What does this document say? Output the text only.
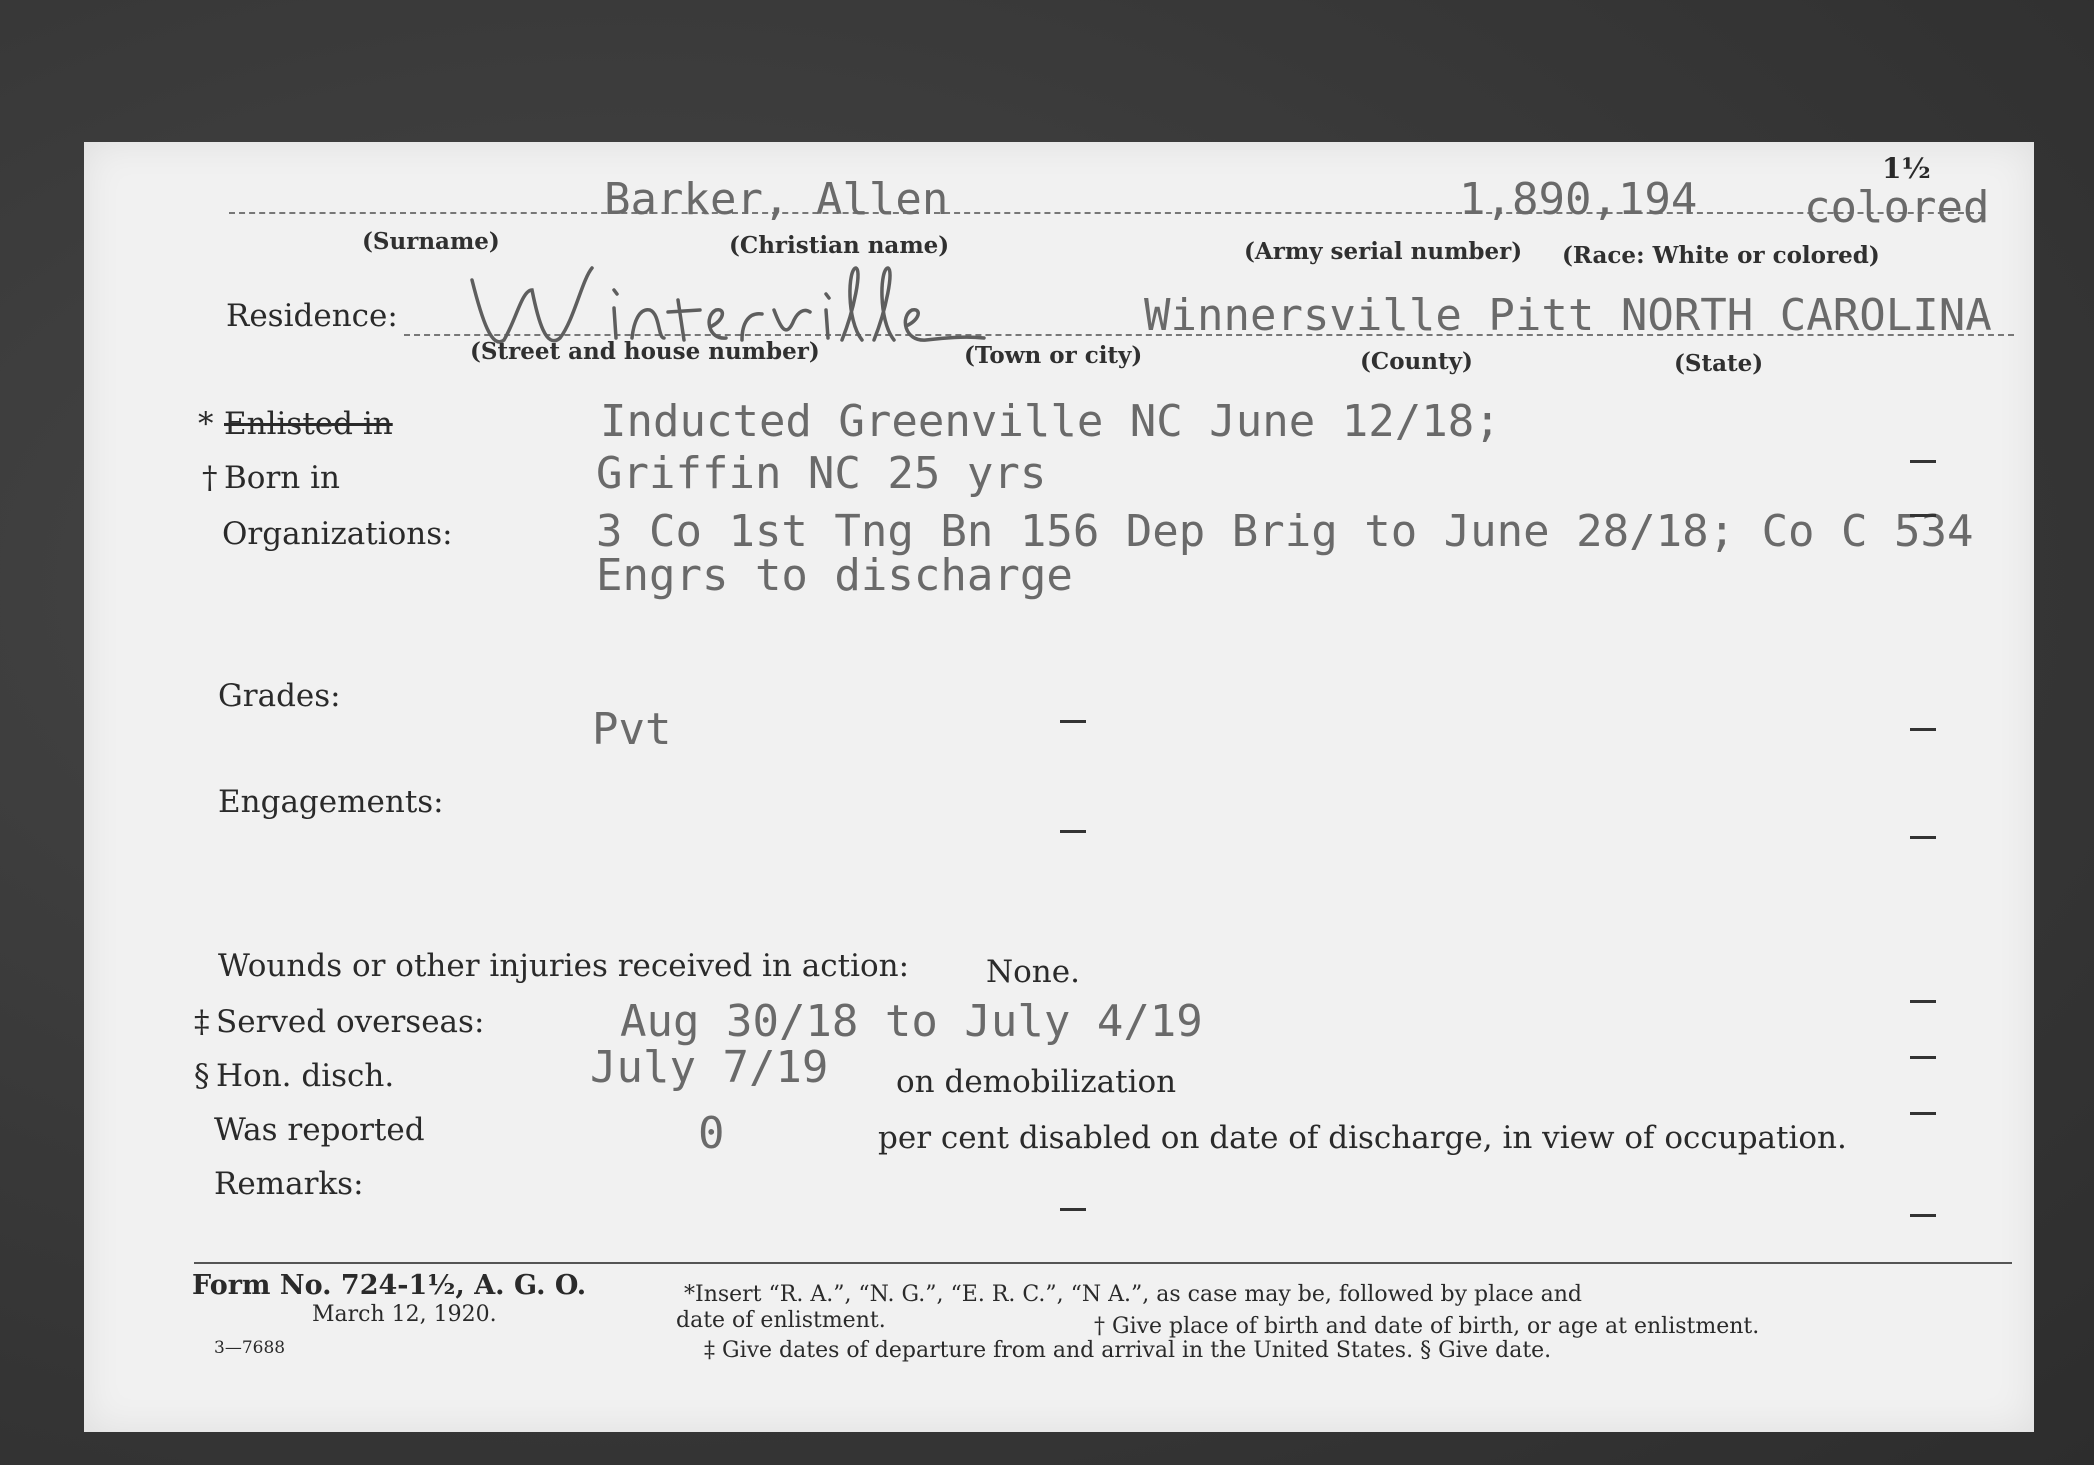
Barker, Allen	1,890,194
1½
colored
(Surname)	(Christian name)	(Army serial number) (Race: White or colored)
Residence:	Winnersville Pitt NORTH CAROLINA
(Street and house number)	(Town or city)	(County)	(State)
* Enlisted in	Inducted Greenville NC June 12/18;
† Born in	Griffin NC 25 yrs
Organizations:	3 Co 1st Tng Bn 156 Dep Brig to June 28/18; Co C 534
Engrs to discharge
Grades:
Pvt
Engagements:
Wounds or other injuries received in action: None.
‡ Served overseas:	Aug 30/18 to July 4/19
§ Hon. disch.	July 7/19 on demobilization
Was reported	0	per cent disabled on date of discharge, in view of occupation.
Remarks:
Form No. 724-1½, A. G. O.
March 12, 1920.
3—7688
*Insert “R. A.”, “N. G.”, “E. R. C.”, “N A.”, as case may be, followed by place and
date of enlistment.	† Give place of birth and date of birth, or age at enlistment.
‡ Give dates of departure from and arrival in the United States. § Give date.
